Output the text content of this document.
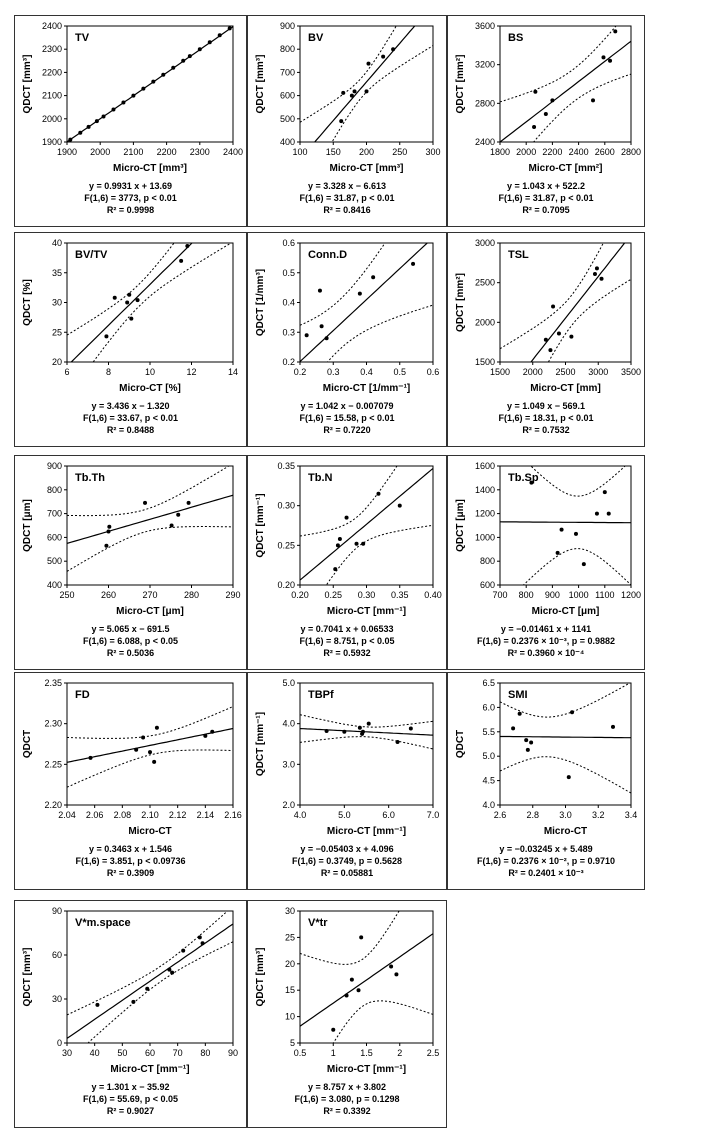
1900 2000 2100 2200 2300 2400
1900
2000
2100
2200
2300
2400
TV
Micro-CT [mm³]
QDCT [mm³]
y = 0.9931 x + 13.69
F(1,6) = 3773, p < 0.01
R² = 0.9998
100 150 200 250 300
400
500
600
700
800
900
BV
Micro-CT [mm³]
QDCT [mm³]
y = 3.328 x − 6.613
F(1,6) = 31.87, p < 0.01
R² = 0.8416
1800 2000 2200 2400 2600 2800
2400
2800
3200
3600
BS
Micro-CT [mm²]
QDCT [mm²]
y = 1.043 x + 522.2
F(1,6) = 31.87, p < 0.01
R² = 0.7095
6	8	10	12	14
20
25
30
35
40
BV/TV
Micro-CT [%]
QDCT [%]
y = 3.436 x − 1.320
F(1,6) = 33.67, p < 0.01
R² = 0.8488
0.2 0.3 0.4 0.5 0.6
0.2
0.3
0.4
0.5
0.6
Conn.D
Micro-CT [1/mm⁻¹]
QDCT [1/mm³]
y = 1.042 x − 0.007079
F(1,6) = 15.58, p < 0.01
R² = 0.7220
1500 2000 2500 3000 3500
1500
2000
2500
3000
TSL
Micro-CT [mm]
QDCT [mm²]
y = 1.049 x − 569.1
F(1,6) = 18.31, p < 0.01
R² = 0.7532
250	260	270	280	290
400
500
600
700
800
900
Tb.Th
Micro-CT [μm]
QDCT [μm]
y = 5.065 x − 691.5
F(1,6) = 6.088, p < 0.05
R² = 0.5036
0.20 0.25 0.30 0.35 0.40
0.20
0.25
0.30
0.35
Tb.N
Micro-CT [mm⁻¹]
QDCT [mm⁻¹]
y = 0.7041 x + 0.06533
F(1,6) = 8.751, p < 0.05
R² = 0.5932
700 800 900 1000 1100 1200
600
800
1000
1200
1400
1600
Tb.Sp
Micro-CT [μm]
QDCT [μm]
y = −0.01461 x + 1141
F(1,6) = 0.2376 × 10⁻³, p = 0.9882
R² = 0.3960 × 10⁻⁴
2.04 2.06 2.08 2.10 2.12 2.14 2.16
2.20
2.25
2.30
2.35
FD
Micro-CT
QDCT
y = 0.3463 x + 1.546
F(1,6) = 3.851, p < 0.09736
R² = 0.3909
4.0	5.0	6.0	7.0
2.0
3.0
4.0
5.0
TBPf
Micro-CT [mm⁻¹]
QDCT [mm⁻¹]
y = −0.05403 x + 4.096
F(1,6) = 0.3749, p = 0.5628
R² = 0.05881
2.6 2.8 3.0 3.2 3.4
4.0
4.5
5.0
5.5
6.0
6.5
SMI
Micro-CT
QDCT
y = −0.03245 x + 5.489
F(1,6) = 0.2376 × 10⁻², p = 0.9710
R² = 0.2401 × 10⁻³
30 40 50 60 70 80 90
0
30
60
90
V*m.space
Micro-CT [mm⁻¹]
QDCT [mm³]
y = 1.301 x − 35.92
F(1,6) = 55.69, p < 0.05
R² = 0.9027
0.5	1	1.5	2	2.5
5
10
15
20
25
30
V*tr
Micro-CT [mm⁻¹]
QDCT [mm³]
y = 8.757 x + 3.802
F(1,6) = 3.080, p = 0.1298
R² = 0.3392
